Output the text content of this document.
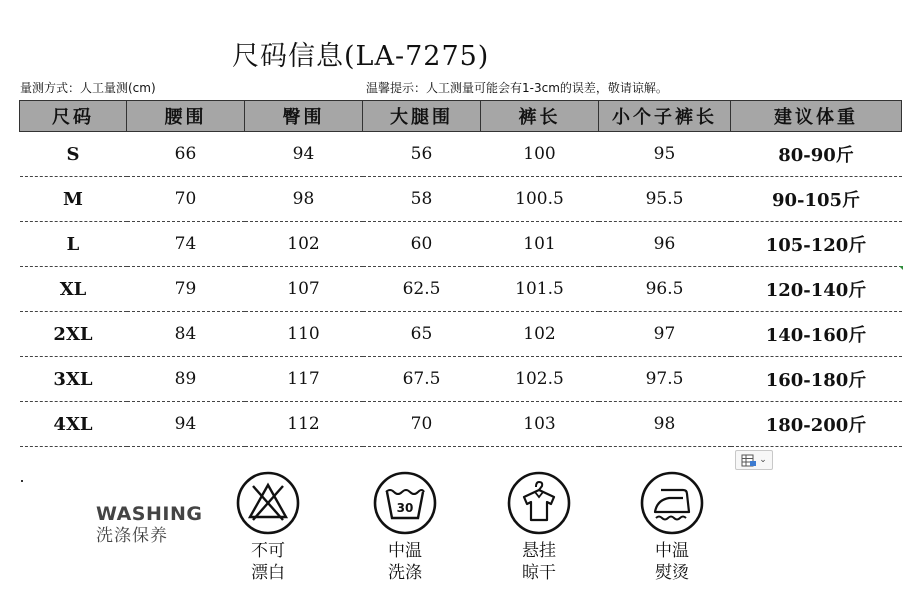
尺码信息(LA-7275)
量测方式：人工量测(cm)	温馨提示：人工测量可能会有1-3cm的误差，敬请谅解。
尺码	腰围	臀围	大腿围	裤长	小个子裤长	建议体重
S	66	94	56	100	95	80-90斤
M	70	98	58	100.5	95.5	90-105斤
L	74	102	60	101	96	105-120斤
XL	79	107	62.5	101.5	96.5	120-140斤
2XL	84	110	65	102	97	140-160斤
3XL	89	117	67.5	102.5	97.5	160-180斤
4XL	94	112	70	103	98	180-200斤
⌄
WASHING
洗涤保养
不可
漂白
30
中温
洗涤
悬挂
晾干
中温
熨烫
